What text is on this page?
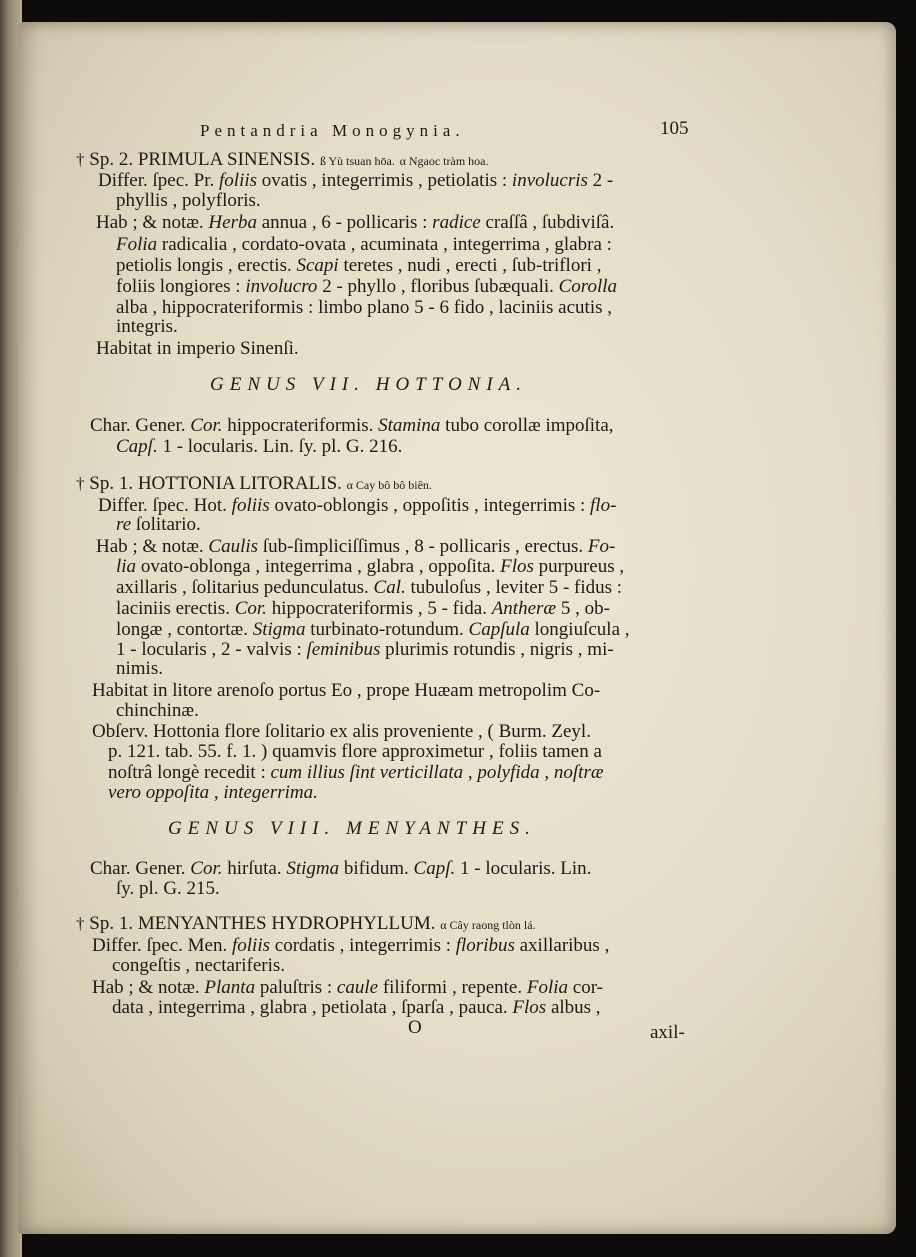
Pentandria Monogynia.	105
† Sp. 2. PRIMULA SINENSIS. ß Yù tsuan hōa. α Ngaoc tràm hoa.
Differ. ſpec. Pr. foliis ovatis , integerrimis , petiolatis : involucris 2 -
phyllis , polyfloris.
Hab ; & notæ. Herba annua , 6 - pollicaris : radice craſſâ , ſubdiviſâ.
Folia radicalia , cordato-ovata , acuminata , integerrima , glabra :
petiolis longis , erectis. Scapi teretes , nudi , erecti , ſub-triflori ,
foliis longiores : involucro 2 - phyllo , floribus ſubæquali. Corolla
alba , hippocrateriformis : limbo plano 5 - 6 fido , laciniis acutis ,
integris.
Habitat in imperio Sinenſi.
GENUS VII. HOTTONIA.
Char. Gener. Cor. hippocrateriformis. Stamina tubo corollæ impoſita,
Capſ. 1 - locularis. Lin. ſy. pl. G. 216.
† Sp. 1. HOTTONIA LITORALIS. α Cay bô bô biên.
Differ. ſpec. Hot. foliis ovato-oblongis , oppoſitis , integerrimis : flo-
re ſolitario.
Hab ; & notæ. Caulis ſub-ſimpliciſſimus , 8 - pollicaris , erectus. Fo-
lia ovato-oblonga , integerrima , glabra , oppoſita. Flos purpureus ,
axillaris , ſolitarius pedunculatus. Cal. tubuloſus , leviter 5 - fidus :
laciniis erectis. Cor. hippocrateriformis , 5 - fida. Antheræ 5 , ob-
longæ , contortæ. Stigma turbinato-rotundum. Capſula longiuſcula ,
1 - locularis , 2 - valvis : ſeminibus plurimis rotundis , nigris , mi-
nimis.
Habitat in litore arenoſo portus Eo , prope Huæam metropolim Co-
chinchinæ.
Obſerv. Hottonia flore ſolitario ex alis proveniente , ( Burm. Zeyl.
p. 121. tab. 55. f. 1. ) quamvis flore approximetur , foliis tamen a
noſtrâ longè recedit : cum illius ſint verticillata , polyfida , noſtræ
vero oppoſita , integerrima.
GENUS VIII. MENYANTHES.
Char. Gener. Cor. hirſuta. Stigma bifidum. Capſ. 1 - locularis. Lin.
ſy. pl. G. 215.
† Sp. 1. MENYANTHES HYDROPHYLLUM. α Cây raong tlòn lá.
Differ. ſpec. Men. foliis cordatis , integerrimis : floribus axillaribus ,
congeſtis , nectariferis.
Hab ; & notæ. Planta paluſtris : caule filiformi , repente. Folia cor-
data , integerrima , glabra , petiolata , ſparſa , pauca. Flos albus ,
O	axil-
